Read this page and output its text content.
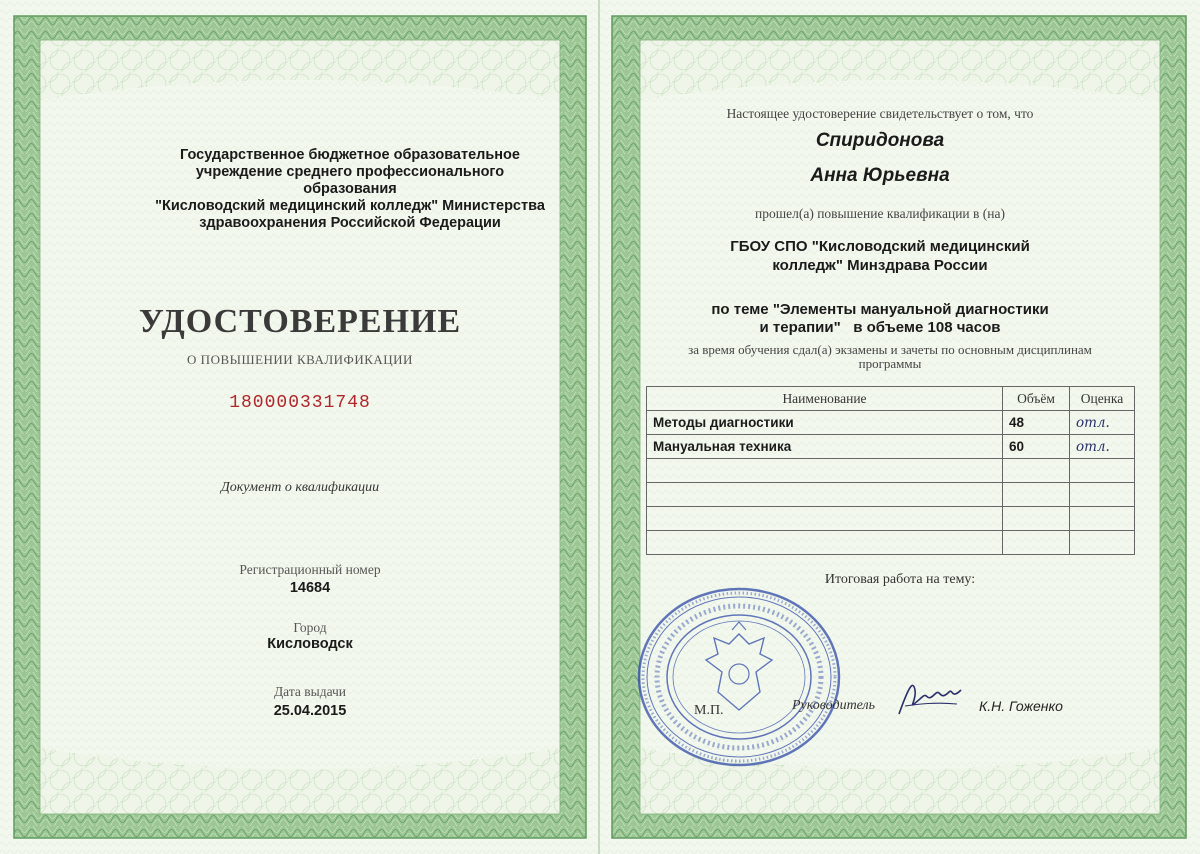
Государственное бюджетное образовательное
учреждение среднего профессионального образования
"Кисловодский медицинский колледж" Министерства
здравоохранения Российской Федерации
УДОСТОВЕРЕНИЕ
О ПОВЫШЕНИИ КВАЛИФИКАЦИИ
180000331748
Документ о квалификации
Регистрационный номер
14684
Город
Кисловодск
Дата выдачи
25.04.2015
Настоящее удостоверение свидетельствует о том, что
Спиридонова
Анна Юрьевна
прошел(а) повышение квалификации в (на)
ГБОУ СПО "Кисловодский медицинский
колледж" Минздрава России
по теме "Элементы мануальной диагностики
и терапии"   в объеме 108 часов
за время обучения сдал(а) экзамены и зачеты по основным дисциплинам
программы
Наименование	Объём	Оценка
Методы диагностики	48	отл.
Мануальная техника	60	отл.

Итоговая работа на тему:
М.П.	Руководитель	К.Н. Гоженко
